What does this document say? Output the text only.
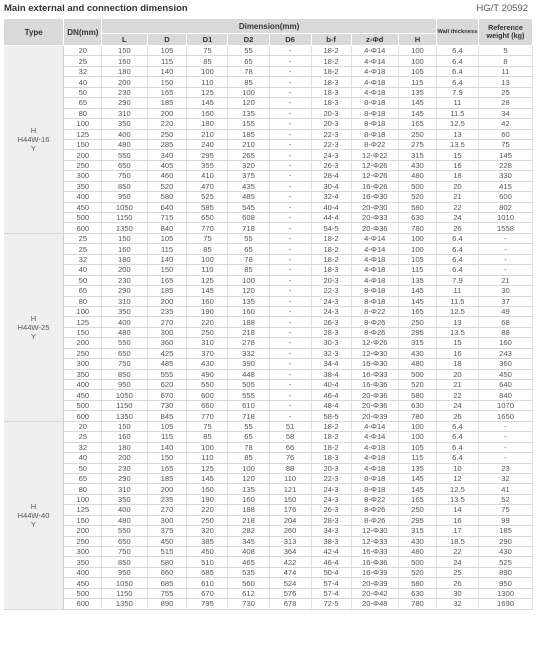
Main external and connection dimension	HG/T 20592
Type	DN(mm)	Dimension(mm)								Wall thickness	Reference weight (kg)

		L	D	D1	D2	D6	b-f	z-Φd	H		

H
H44W-16
Y	20	150	105	75	55	-	18-2	4-Φ14	100	6.4	5
	25	160	115	85	65	-	18-2	4-Φ14	100	6.4	8
	32	180	140	100	78	-	18-2	4-Φ18	105	6.4	11
	40	200	150	110	85	-	18-3	4-Φ18	115	6.4	13
	50	230	165	125	100	-	18-3	4-Φ18	135	7.9	25
	65	290	185	145	120	-	18-3	8-Φ18	145	11	28
	80	310	200	160	135	-	20-3	8-Φ18	145	11.5	34
	100	350	220	180	155	-	20-3	8-Φ18	165	12.5	42
	125	400	250	210	185	-	22-3	8-Φ18	250	13	60
	150	480	285	240	210	-	22-3	8-Φ22	275	13.5	75
	200	550	340	295	265	-	24-3	12-Φ22	315	15	145
	250	650	405	355	320	-	26-3	12-Φ26	430	16	228
	300	750	460	410	375	-	28-4	12-Φ26	480	18	330
	350	850	520	470	435	-	30-4	16-Φ26	500	20	415
	400	950	580	525	485	-	32-4	16-Φ30	520	21	600
	450	1050	640	585	545	-	40-4	20-Φ30	580	22	802
	500	1150	715	650	608	-	44-4	20-Φ33	630	24	1010
	600	1350	840	770	718	-	54-5	20-Φ36	780	26	1558

H
H44W-25
Y	25	150	105	75	55	-	18-2	4-Φ14	100	6.4	-
	25	160	115	85	65	-	18-2	4-Φ14	100	6.4	-
	32	180	140	100	78	-	18-2	4-Φ18	105	6.4	-
	40	200	150	110	85	-	18-3	4-Φ18	115	6.4	-
	50	230	165	125	100	-	20-3	4-Φ18	135	7.9	21
	65	290	185	145	120	-	22-3	8-Φ18	145	11	30
	80	310	200	160	135	-	24-3	8-Φ18	145	11.5	37
	100	350	235	190	160	-	24-3	8-Φ22	165	12.5	49
	125	400	270	220	188	-	26-3	8-Φ26	250	13	68
	150	480	300	250	218	-	28-3	8-Φ26	295	13.5	88
	200	550	360	310	278	-	30-3	12-Φ26	315	15	160
	250	650	425	370	332	-	32-3	12-Φ30	430	16	243
	300	750	485	430	390	-	34-4	16-Φ30	480	18	360
	350	850	555	490	448	-	38-4	16-Φ33	500	20	450
	400	950	620	550	505	-	40-4	16-Φ36	520	21	640
	450	1050	670	600	555	-	46-4	20-Φ36	580	22	840
	500	1150	730	660	610	-	48-4	20-Φ36	630	24	1070
	600	1350	845	770	718	-	58-5	20-Φ39	780	26	1650

H
H44W-40
Y	20	150	105	75	55	51	18-2	4-Φ14	100	6.4	-
	25	160	115	85	65	58	18-2	4-Φ14	100	6.4	-
	32	180	140	100	78	66	18-2	4-Φ18	105	6.4	-
	40	200	150	110	85	76	18-3	4-Φ18	115	6.4	-
	50	230	165	125	100	88	20-3	4-Φ18	135	10	23
	65	290	185	145	120	110	22-3	8-Φ18	145	12	32
	80	310	200	160	135	121	24-3	8-Φ18	145	12.5	41
	100	350	235	190	160	150	24-3	8-Φ22	165	13.5	52
	125	400	270	220	188	176	26-3	8-Φ26	250	14	75
	150	480	300	250	218	204	28-3	8-Φ26	295	16	99
	200	550	375	320	282	260	34-3	12-Φ30	315	17	185
	250	650	450	385	345	313	38-3	12-Φ33	430	18.5	290
	300	750	515	450	408	364	42-4	16-Φ33	480	22	430
	350	850	580	510	465	422	46-4	16-Φ36	500	24	525
	400	950	660	585	535	474	50-4	16-Φ39	520	25	890
	450	1050	685	610	560	524	57-4	20-Φ39	580	26	950
	500	1150	755	670	612	576	57-4	20-Φ42	630	30	1300
	600	1350	890	795	730	678	72-5	20-Φ48	780	32	1690
